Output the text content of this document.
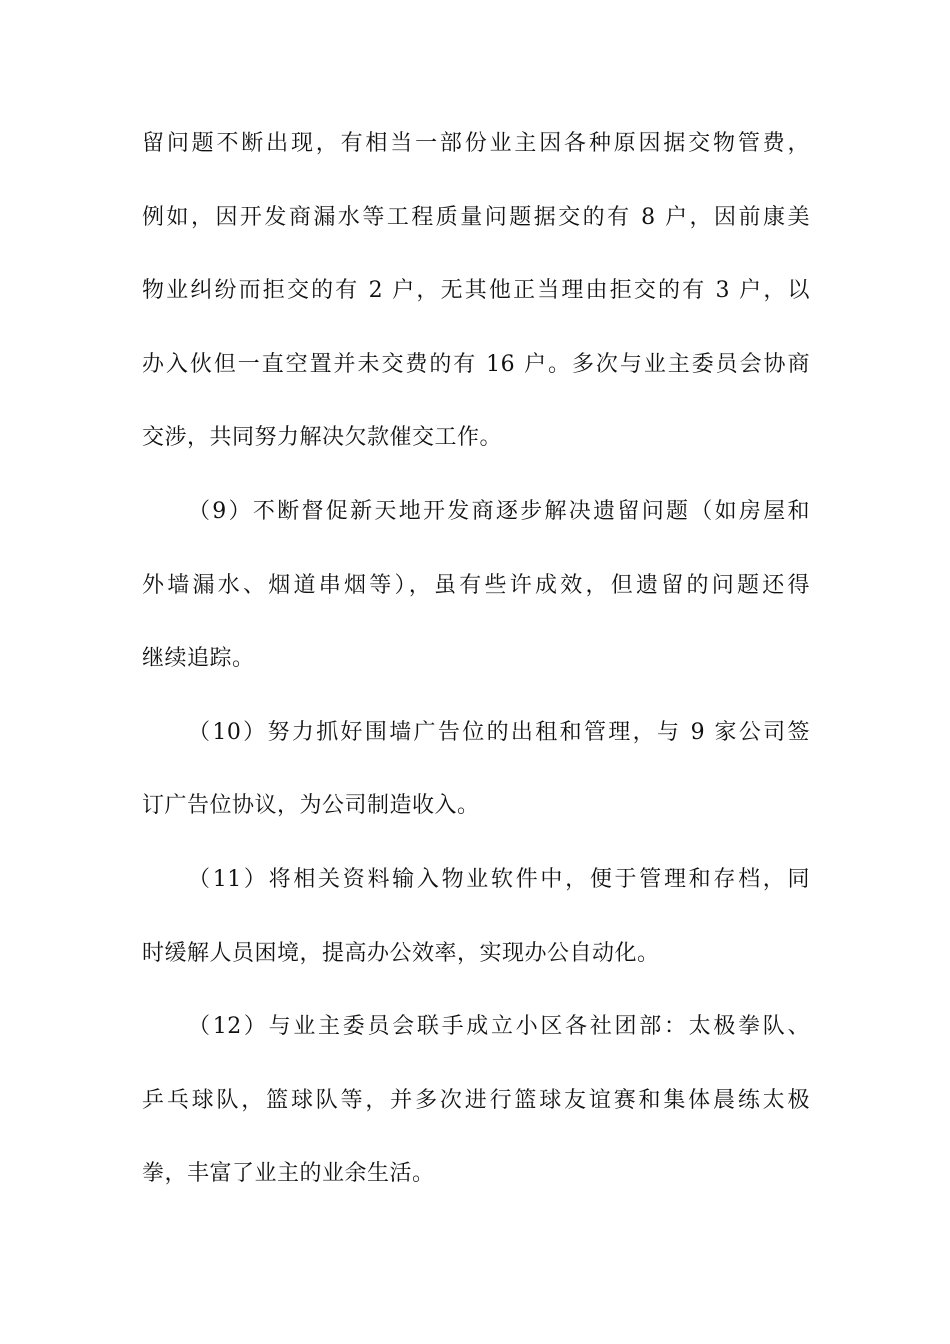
留问题不断出现，有相当一部份业主因各种原因据交物管费，
例如，因开发商漏水等工程质量问题据交的有 8 户，因前康美
物业纠纷而拒交的有 2 户，无其他正当理由拒交的有 3 户，以
办入伙但一直空置并未交费的有 16 户。多次与业主委员会协商
交涉，共同努力解决欠款催交工作。
（9）不断督促新天地开发商逐步解决遗留问题（如房屋和
外墙漏水、烟道串烟等），虽有些许成效，但遗留的问题还得
继续追踪。
（10）努力抓好围墙广告位的出租和管理，与 9 家公司签
订广告位协议，为公司制造收入。
（11）将相关资料输入物业软件中，便于管理和存档，同
时缓解人员困境，提高办公效率，实现办公自动化。
（12）与业主委员会联手成立小区各社团部：太极拳队、
乒乓球队，篮球队等，并多次进行篮球友谊赛和集体晨练太极
拳，丰富了业主的业余生活。
